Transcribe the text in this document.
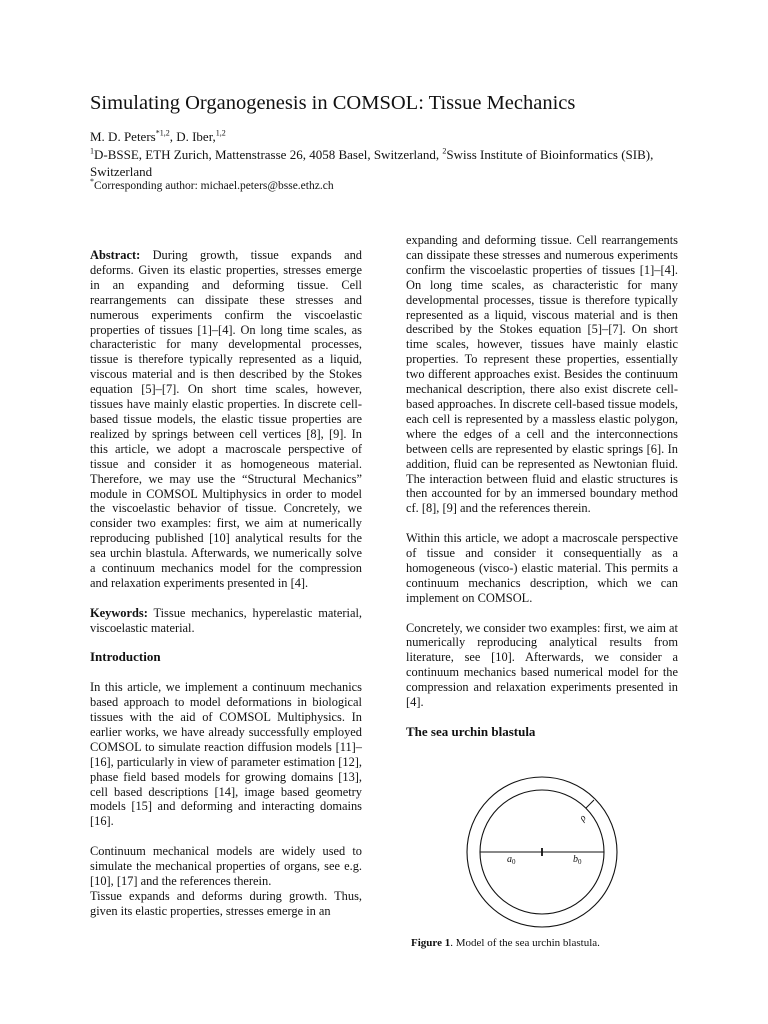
Simulating Organogenesis in COMSOL: Tissue Mechanics
M. D. Peters$^{*1,2}$, D. Iber,$^{1,2}$
$^1$D-BSSE, ETH Zurich, Mattenstrasse 26, 4058 Basel, Switzerland, $^2$Swiss Institute of Bioinformatics (SIB), Switzerland
*Corresponding author: michael.peters@bsse.ethz.ch

Abstract: During growth, tissue expands and deforms. Given its elastic properties, stresses emerge in an expanding and deforming tissue. Cell rearrangements can dissipate these stresses and numerous experiments confirm the viscoelastic properties of tissues [1]–[4]. On long time scales, as characteristic for many developmental processes, tissue is therefore typically represented as a liquid, viscous material and is then described by the Stokes equation [5]–[7]. On short time scales, however, tissues have mainly elastic properties. In discrete cell-based tissue models, the elastic tissue properties are realized by springs between cell vertices [8], [9]. In this article, we adopt a macroscale perspective of tissue and consider it as homogeneous material. Therefore, we may use the “Structural Mechanics” module in COMSOL Multiphysics in order to model the viscoelastic behavior of tissue. Concretely, we consider two examples: first, we aim at numerically reproducing published [10] analytical results for the sea urchin blastula. Afterwards, we numerically solve a continuum mechanics model for the compression and relaxation experiments presented in [4].

Keywords: Tissue mechanics, hyperelastic material, viscoelastic material.

Introduction

In this article, we implement a continuum mechanics based approach to model deformations in biological tissues with the aid of COMSOL Multiphysics. In earlier works, we have already successfully employed COMSOL to simulate reaction diffusion models [11]–[16], particularly in view of parameter estimation [12], phase field based models for growing domains [13], cell based descriptions [14], image based geometry models [15] and deforming and interacting domains [16].

Continuum mechanical models are widely used to simulate the mechanical properties of organs, see e.g. [10], [17] and the references therein.

Tissue expands and deforms during growth. Thus, given its elastic properties, stresses emerge in an

expanding and deforming tissue. Cell rearrangements can dissipate these stresses and numerous experiments confirm the viscoelastic properties of tissues [1]–[4]. On long time scales, as characteristic for many developmental processes, tissue is therefore typically represented as a liquid, viscous material and is then described by the Stokes equation [5]–[7]. On short time scales, however, tissues have mainly elastic properties. To represent these properties, essentially two different approaches exist. Besides the continuum mechanical description, there also exist discrete cell-based approaches. In discrete cell-based tissue models, each cell is represented by a massless elastic polygon, where the edges of a cell and the interconnections between cells are represented by elastic springs [6]. In addition, fluid can be represented as Newtonian fluid. The interaction between fluid and elastic structures is then accounted for by an immersed boundary method cf. [8], [9] and the references therein.

Within this article, we adopt a macroscale perspective of tissue and consider it consequentially as a homogeneous (visco-) elastic material. This permits a continuum mechanics description, which we can implement on COMSOL.

Concretely, we consider two examples: first, we aim at numerically reproducing analytical results from literature, see [10]. Afterwards, we consider a continuum mechanics based numerical model for the compression and relaxation experiments presented in [4].

The sea urchin blastula

ρ
$a_0$	$b_0$
Figure 1. Model of the sea urchin blastula.
